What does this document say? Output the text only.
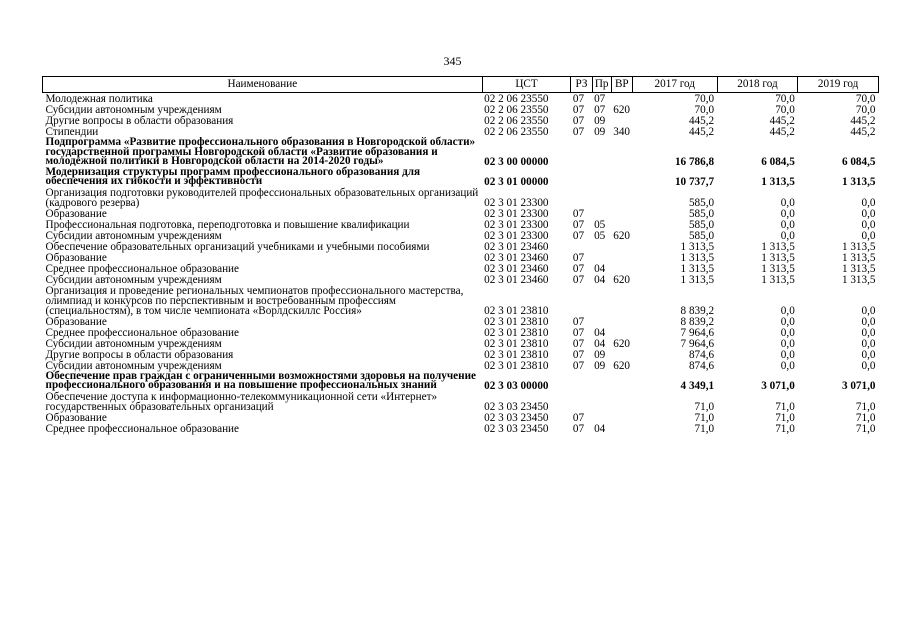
345
Наименование	ЦСТ	РЗ	Пр	ВР	2017 год	2018 год	2019 год
Молодежная политика	02 2 06 23550	07	07		70,0	70,0	70,0
Субсидии автономным учреждениям	02 2 06 23550	07	07	620	70,0	70,0	70,0
Другие вопросы в области образования	02 2 06 23550	07	09		445,2	445,2	445,2
Стипендии	02 2 06 23550	07	09	340	445,2	445,2	445,2
Подпрограмма «Развитие профессионального образования в Новгородской области» государственной программы Новгородской области «Развитие образования и молодежной политики в Новгородской области на 2014-2020 годы»	02 3 00 00000				16 786,8	6 084,5	6 084,5
Модернизация структуры программ профессионального образования для обеспечения их гибкости и эффективности	02 3 01 00000				10 737,7	1 313,5	1 313,5
Организация подготовки руководителей профессиональных образовательных организаций (кадрового резерва)	02 3 01 23300				585,0	0,0	0,0
Образование	02 3 01 23300	07			585,0	0,0	0,0
Профессиональная подготовка, переподготовка и повышение квалификации	02 3 01 23300	07	05		585,0	0,0	0,0
Субсидии автономным учреждениям	02 3 01 23300	07	05	620	585,0	0,0	0,0
Обеспечение образовательных организаций учебниками и учебными пособиями	02 3 01 23460				1 313,5	1 313,5	1 313,5
Образование	02 3 01 23460	07			1 313,5	1 313,5	1 313,5
Среднее профессиональное образование	02 3 01 23460	07	04		1 313,5	1 313,5	1 313,5
Субсидии автономным учреждениям	02 3 01 23460	07	04	620	1 313,5	1 313,5	1 313,5
Организация и проведение региональных чемпионатов профессионального мастерства, олимпиад и конкурсов по перспективным и востребованным профессиям (специальностям), в том числе чемпионата «Ворлдскиллс Россия»	02 3 01 23810				8 839,2	0,0	0,0
Образование	02 3 01 23810	07			8 839,2	0,0	0,0
Среднее профессиональное образование	02 3 01 23810	07	04		7 964,6	0,0	0,0
Субсидии автономным учреждениям	02 3 01 23810	07	04	620	7 964,6	0,0	0,0
Другие вопросы в области образования	02 3 01 23810	07	09		874,6	0,0	0,0
Субсидии автономным учреждениям	02 3 01 23810	07	09	620	874,6	0,0	0,0
Обеспечение прав граждан с ограниченными возможностями здоровья на получение профессионального образования и на повышение профессиональных знаний	02 3 03 00000				4 349,1	3 071,0	3 071,0
Обеспечение доступа к информационно-телекоммуникационной сети «Интернет» государственных образовательных организаций	02 3 03 23450				71,0	71,0	71,0
Образование	02 3 03 23450	07			71,0	71,0	71,0
Среднее профессиональное образование	02 3 03 23450	07	04		71,0	71,0	71,0
